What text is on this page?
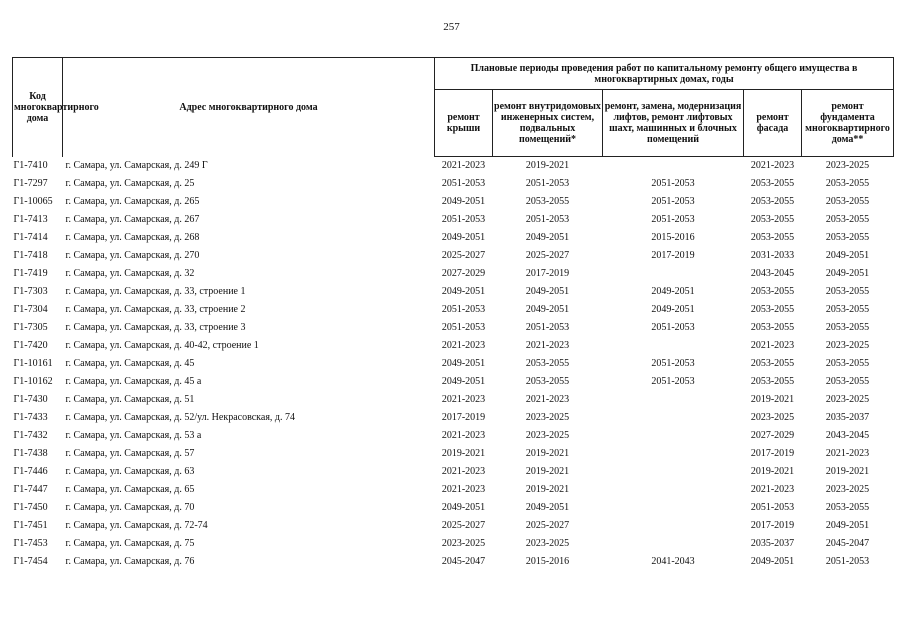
257
Код многоквартирного дома	Адрес многоквартирного дома	Плановые периоды проведения работ по капитальному ремонту общего имущества в многоквартирных домах, годы				
		ремонт крыши	ремонт внутридомовых инженерных систем, подвальных помещений*	ремонт, замена, модернизация лифтов, ремонт лифтовых шахт, машинных и блочных помещений	ремонт фасада	ремонт фундамента многоквартирного дома**
Г1-7410	г. Самара, ул. Самарская, д. 249 Г	2021-2023	2019-2021		2021-2023	2023-2025
Г1-7297	г. Самара, ул. Самарская, д. 25	2051-2053	2051-2053	2051-2053	2053-2055	2053-2055
Г1-10065	г. Самара, ул. Самарская, д. 265	2049-2051	2053-2055	2051-2053	2053-2055	2053-2055
Г1-7413	г. Самара, ул. Самарская, д. 267	2051-2053	2051-2053	2051-2053	2053-2055	2053-2055
Г1-7414	г. Самара, ул. Самарская, д. 268	2049-2051	2049-2051	2015-2016	2053-2055	2053-2055
Г1-7418	г. Самара, ул. Самарская, д. 270	2025-2027	2025-2027	2017-2019	2031-2033	2049-2051
Г1-7419	г. Самара, ул. Самарская, д. 32	2027-2029	2017-2019		2043-2045	2049-2051
Г1-7303	г. Самара, ул. Самарская, д. 33, строение 1	2049-2051	2049-2051	2049-2051	2053-2055	2053-2055
Г1-7304	г. Самара, ул. Самарская, д. 33, строение 2	2051-2053	2049-2051	2049-2051	2053-2055	2053-2055
Г1-7305	г. Самара, ул. Самарская, д. 33, строение 3	2051-2053	2051-2053	2051-2053	2053-2055	2053-2055
Г1-7420	г. Самара, ул. Самарская, д. 40-42, строение 1	2021-2023	2021-2023		2021-2023	2023-2025
Г1-10161	г. Самара, ул. Самарская, д. 45	2049-2051	2053-2055	2051-2053	2053-2055	2053-2055
Г1-10162	г. Самара, ул. Самарская, д. 45 а	2049-2051	2053-2055	2051-2053	2053-2055	2053-2055
Г1-7430	г. Самара, ул. Самарская, д. 51	2021-2023	2021-2023		2019-2021	2023-2025
Г1-7433	г. Самара, ул. Самарская, д. 52/ул. Некрасовская, д. 74	2017-2019	2023-2025		2023-2025	2035-2037
Г1-7432	г. Самара, ул. Самарская, д. 53 а	2021-2023	2023-2025		2027-2029	2043-2045
Г1-7438	г. Самара, ул. Самарская, д. 57	2019-2021	2019-2021		2017-2019	2021-2023
Г1-7446	г. Самара, ул. Самарская, д. 63	2021-2023	2019-2021		2019-2021	2019-2021
Г1-7447	г. Самара, ул. Самарская, д. 65	2021-2023	2019-2021		2021-2023	2023-2025
Г1-7450	г. Самара, ул. Самарская, д. 70	2049-2051	2049-2051		2051-2053	2053-2055
Г1-7451	г. Самара, ул. Самарская, д. 72-74	2025-2027	2025-2027		2017-2019	2049-2051
Г1-7453	г. Самара, ул. Самарская, д. 75	2023-2025	2023-2025		2035-2037	2045-2047
Г1-7454	г. Самара, ул. Самарская, д. 76	2045-2047	2015-2016	2041-2043	2049-2051	2051-2053
